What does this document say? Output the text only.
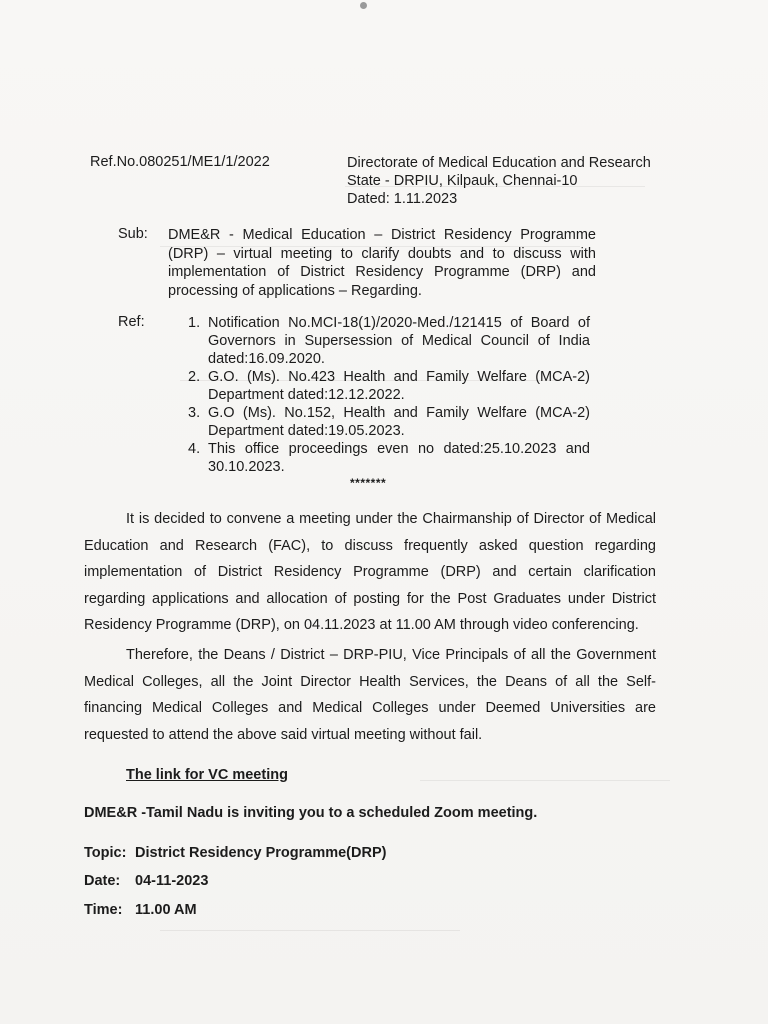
Ref.No.080251/ME1/1/2022	Directorate of Medical Education and Research
State - DRPIU, Kilpauk, Chennai-10
Dated: 1.11.2023
Sub: DME&R - Medical Education – District Residency Programme (DRP) – virtual meeting to clarify doubts and to discuss with implementation of District Residency Programme (DRP) and processing of applications – Regarding.
Ref:	1. Notification No.MCI-18(1)/2020-Med./121415 of Board of Governors in Supersession of Medical Council of India dated:16.09.2020.
2. G.O. (Ms). No.423 Health and Family Welfare (MCA-2) Department dated:12.12.2022.
3. G.O (Ms). No.152, Health and Family Welfare (MCA-2) Department dated:19.05.2023.
4. This office proceedings even no dated:25.10.2023 and 30.10.2023.
*******

It is decided to convene a meeting under the Chairmanship of Director of Medical Education and Research (FAC), to discuss frequently asked question regarding implementation of District Residency Programme (DRP) and certain clarification regarding applications and allocation of posting for the Post Graduates under District Residency Programme (DRP), on 04.11.2023 at 11.00 AM through video conferencing.

Therefore, the Deans / District – DRP-PIU, Vice Principals of all the Government Medical Colleges, all the Joint Director Health Services, the Deans of all the Self-financing Medical Colleges and Medical Colleges under Deemed Universities are requested to attend the above said virtual meeting without fail.

The link for VC meeting
DME&R -Tamil Nadu is inviting you to a scheduled Zoom meeting.
Topic: District Residency Programme(DRP)
Date: 04-11-2023
Time: 11.00 AM
